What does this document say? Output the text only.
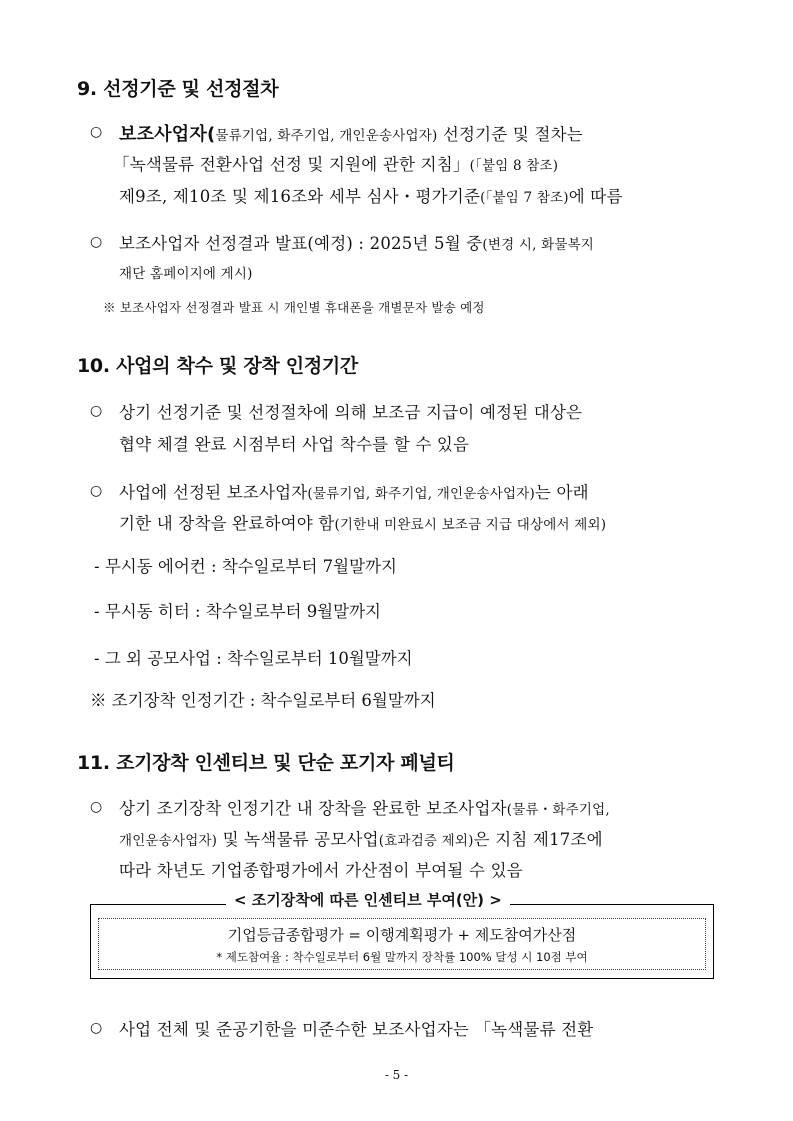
9. 선정기준 및 선정절차
○ 보조사업자(물류기업, 화주기업, 개인운송사업자) 선정기준 및 절차는
「녹색물류 전환사업 선정 및 지원에 관한 지침」(「붙임 8 참조)
제9조, 제10조 및 제16조와 세부 심사・평가기준(「붙임 7 참조)에 따름
○ 보조사업자 선정결과 발표(예정) : 2025년 5월 중(변경 시, 화물복지
재단 홈페이지에 게시)
※ 보조사업자 선정결과 발표 시 개인별 휴대폰을 개별문자 발송 예정
10. 사업의 착수 및 장착 인정기간
○ 상기 선정기준 및 선정절차에 의해 보조금 지급이 예정된 대상은
협약 체결 완료 시점부터 사업 착수를 할 수 있음
○ 사업에 선정된 보조사업자(물류기업, 화주기업, 개인운송사업자)는 아래
기한 내 장착을 완료하여야 함(기한내 미완료시 보조금 지급 대상에서 제외)
- 무시동 에어컨 : 착수일로부터 7월말까지
- 무시동 히터 : 착수일로부터 9월말까지
- 그 외 공모사업 : 착수일로부터 10월말까지
※ 조기장착 인정기간 : 착수일로부터 6월말까지
11. 조기장착 인센티브 및 단순 포기자 페널티
○ 상기 조기장착 인정기간 내 장착을 완료한 보조사업자(물류・화주기업,
개인운송사업자) 및 녹색물류 공모사업(효과검증 제외)은 지침 제17조에
따라 차년도 기업종합평가에서 가산점이 부여될 수 있음
< 조기장착에 따른 인센티브 부여(안) >
기업등급종합평가 = 이행계획평가 + 제도참여가산점
* 제도참여율 : 착수일로부터 6월 말까지 장착률 100% 달성 시 10점 부여
○ 사업 전체 및 준공기한을 미준수한 보조사업자는 「녹색물류 전환
- 5 -
